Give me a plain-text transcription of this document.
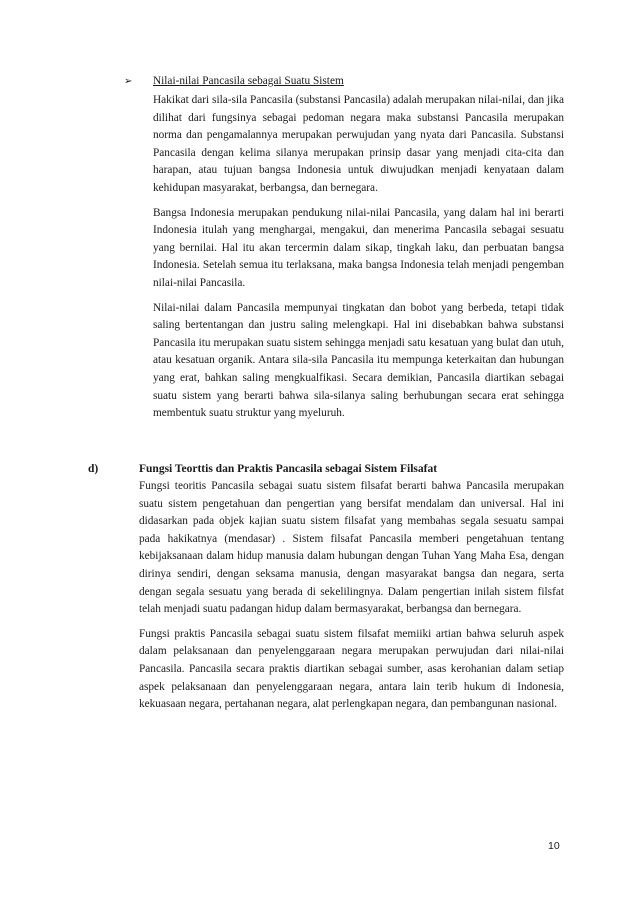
➢ Nilai-nilai Pancasila sebagai Suatu Sistem

Hakikat dari sila-sila Pancasila (substansi Pancasila) adalah merupakan nilai-nilai, dan jika dilihat dari fungsinya sebagai pedoman negara maka substansi Pancasila merupakan norma dan pengamalannya merupakan perwujudan yang nyata dari Pancasila. Substansi Pancasila dengan kelima silanya merupakan prinsip dasar yang menjadi cita-cita dan harapan, atau tujuan bangsa Indonesia untuk diwujudkan menjadi kenyataan dalam kehidupan masyarakat, berbangsa, dan bernegara.

Bangsa Indonesia merupakan pendukung nilai-nilai Pancasila, yang dalam hal ini berarti Indonesia itulah yang menghargai, mengakui, dan menerima Pancasila sebagai sesuatu yang bernilai. Hal itu akan tercermin dalam sikap, tingkah laku, dan perbuatan bangsa Indonesia. Setelah semua itu terlaksana, maka bangsa Indonesia telah menjadi pengemban nilai-nilai Pancasila.

Nilai-nilai dalam Pancasila mempunyai tingkatan dan bobot yang berbeda, tetapi tidak saling bertentangan dan justru saling melengkapi. Hal ini disebabkan bahwa substansi Pancasila itu merupakan suatu sistem sehingga menjadi satu kesatuan yang bulat dan utuh, atau kesatuan organik. Antara sila-sila Pancasila itu mempunga keterkaitan dan hubungan yang erat, bahkan saling mengkualfikasi. Secara demikian, Pancasila diartikan sebagai suatu sistem yang berarti bahwa sila-silanya saling berhubungan secara erat sehingga membentuk suatu struktur yang myeluruh.

d)	Fungsi Teorttis dan Praktis Pancasila sebagai Sistem Filsafat

Fungsi teoritis Pancasila sebagai suatu sistem filsafat berarti bahwa Pancasila merupakan suatu sistem pengetahuan dan pengertian yang bersifat mendalam dan universal. Hal ini didasarkan pada objek kajian suatu sistem filsafat yang membahas segala sesuatu sampai pada hakikatnya (mendasar) . Sistem filsafat Pancasila memberi pengetahuan tentang kebijaksanaan dalam hidup manusia dalam hubungan dengan Tuhan Yang Maha Esa, dengan dirinya sendiri, dengan seksama manusia, dengan masyarakat bangsa dan negara, serta dengan segala sesuatu yang berada di sekelilingnya. Dalam pengertian inilah sistem filsfat telah menjadi suatu padangan hidup dalam bermasyarakat, berbangsa dan bernegara.

Fungsi praktis Pancasila sebagai suatu sistem filsafat memiiki artian bahwa seluruh aspek dalam pelaksanaan dan penyelenggaraan negara merupakan perwujudan dari nilai-nilai Pancasila. Pancasila secara praktis diartikan sebagai sumber, asas kerohanian dalam setiap aspek pelaksanaan dan penyelenggaraan negara, antara lain terib hukum di Indonesia, kekuasaan negara, pertahanan negara, alat perlengkapan negara, dan pembangunan nasional.

10
